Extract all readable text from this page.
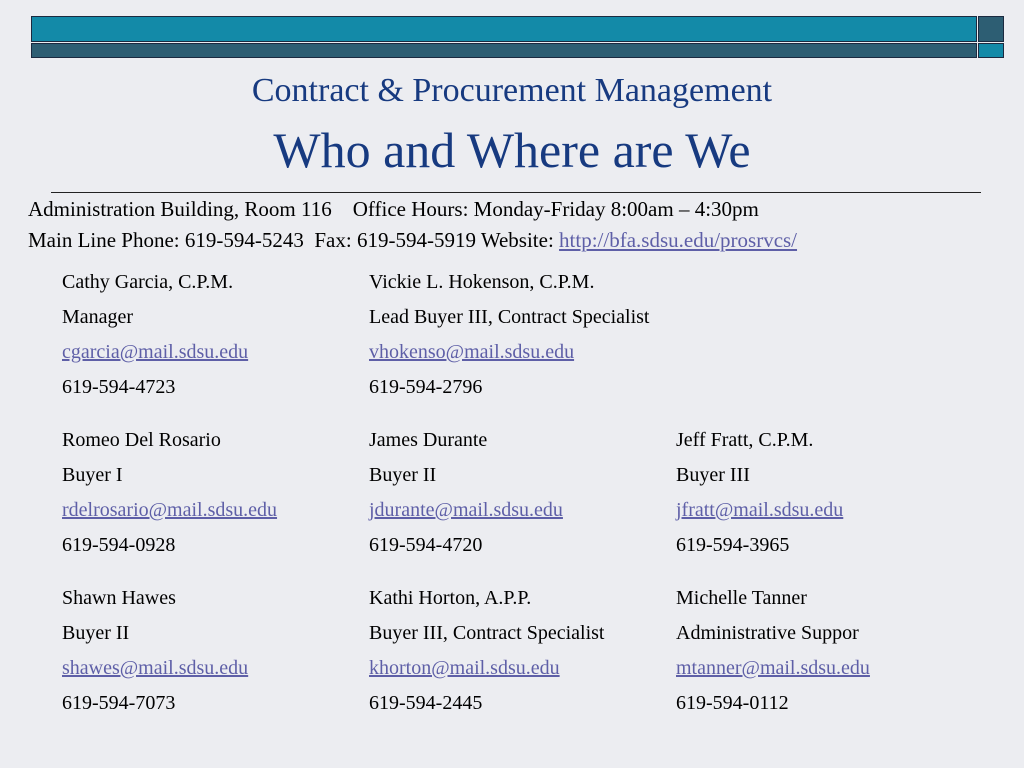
Contract & Procurement Management
Who and Where are We
Administration Building, Room 116 Office Hours: Monday-Friday 8:00am – 4:30pm
Main Line Phone: 619-594-5243  Fax: 619-594-5919 Website: http://bfa.sdsu.edu/prosrvcs/
Cathy Garcia, C.P.M.
Manager
cgarcia@mail.sdsu.edu
619-594-4723
Vickie L. Hokenson, C.P.M.
Lead Buyer III, Contract Specialist
vhokenso@mail.sdsu.edu
619-594-2796
Romeo Del Rosario
Buyer I
rdelrosario@mail.sdsu.edu
619-594-0928
James Durante
Buyer II
jdurante@mail.sdsu.edu
619-594-4720
Jeff Fratt, C.P.M.
Buyer III
jfratt@mail.sdsu.edu
619-594-3965
Shawn Hawes
Buyer II
shawes@mail.sdsu.edu
619-594-7073
Kathi Horton, A.P.P.
Buyer III, Contract Specialist
khorton@mail.sdsu.edu
619-594-2445
Michelle Tanner
Administrative Suppor
mtanner@mail.sdsu.edu
619-594-0112
